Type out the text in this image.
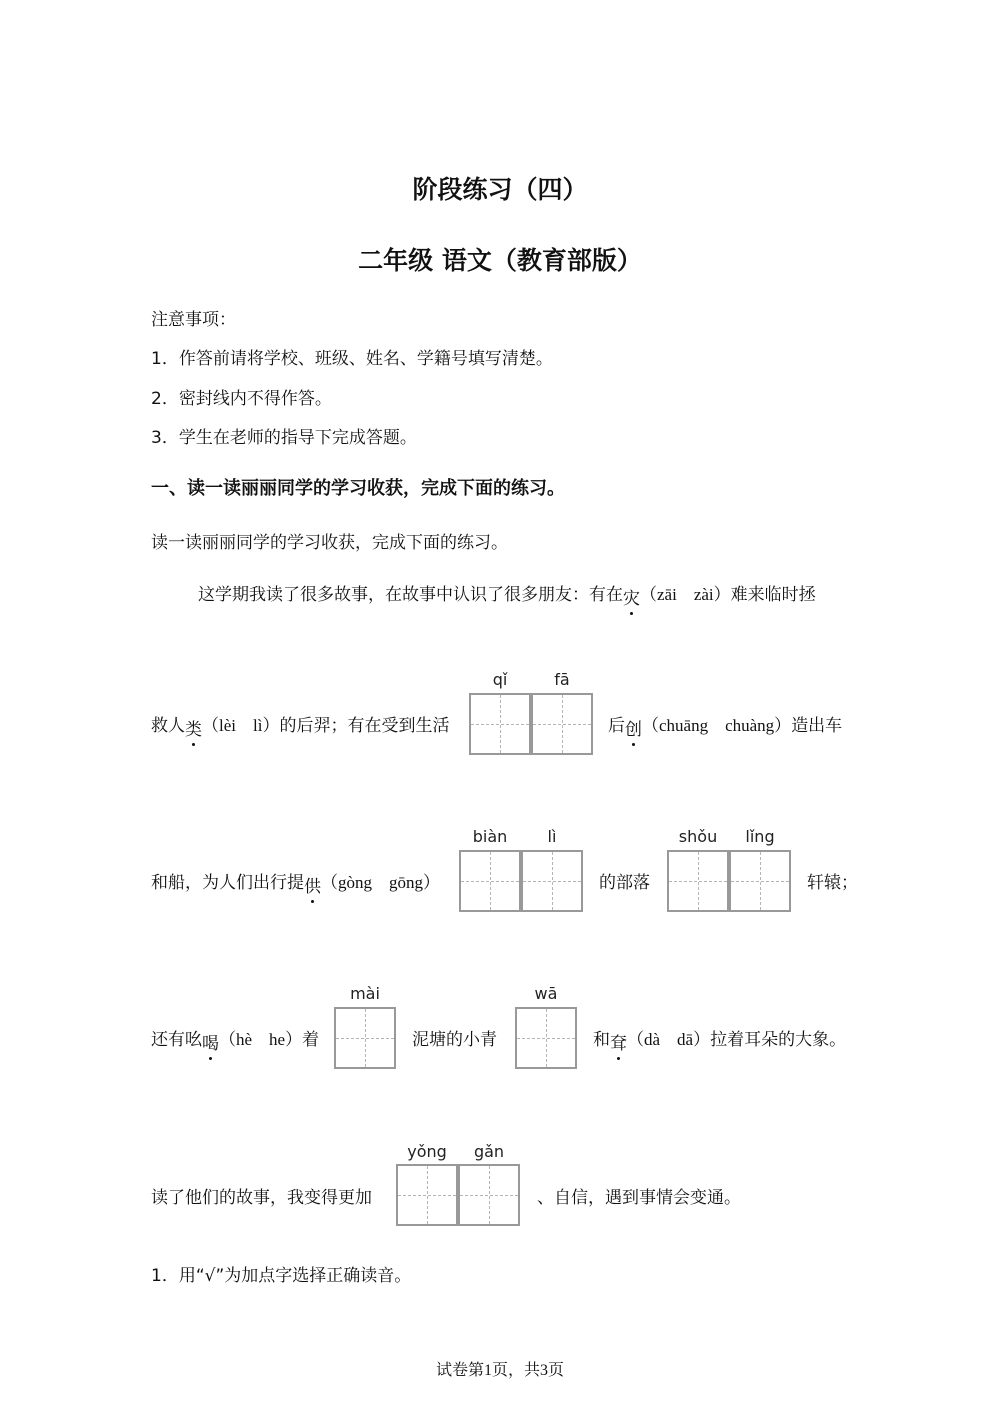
阶段练习（四）
二年级 语文（教育部版）
注意事项：
1．作答前请将学校、班级、姓名、学籍号填写清楚。
2．密封线内不得作答。
3．学生在老师的指导下完成答题。
一、读一读丽丽同学的学习收获，完成下面的练习。
读一读丽丽同学的学习收获，完成下面的练习。
这学期我读了很多故事，在故事中认识了很多朋友：有在灾（zāi　zài）难来临时拯
救人类（lèi　lì）的后羿；有在受到生活
qǐ	fā
后创（chuāng　chuàng）造出车
和船，为人们出行提供（gòng　gōng）
biàn	lì
的部落
shǒu	lǐng
轩辕；
还有吆喝（hè　he）着
mài
泥塘的小青
wā
和耷（dà　dā）拉着耳朵的大象。
读了他们的故事，我变得更加
yǒng	gǎn
、自信，遇到事情会变通。
1．用“√”为加点字选择正确读音。
试卷第1页，共3页
